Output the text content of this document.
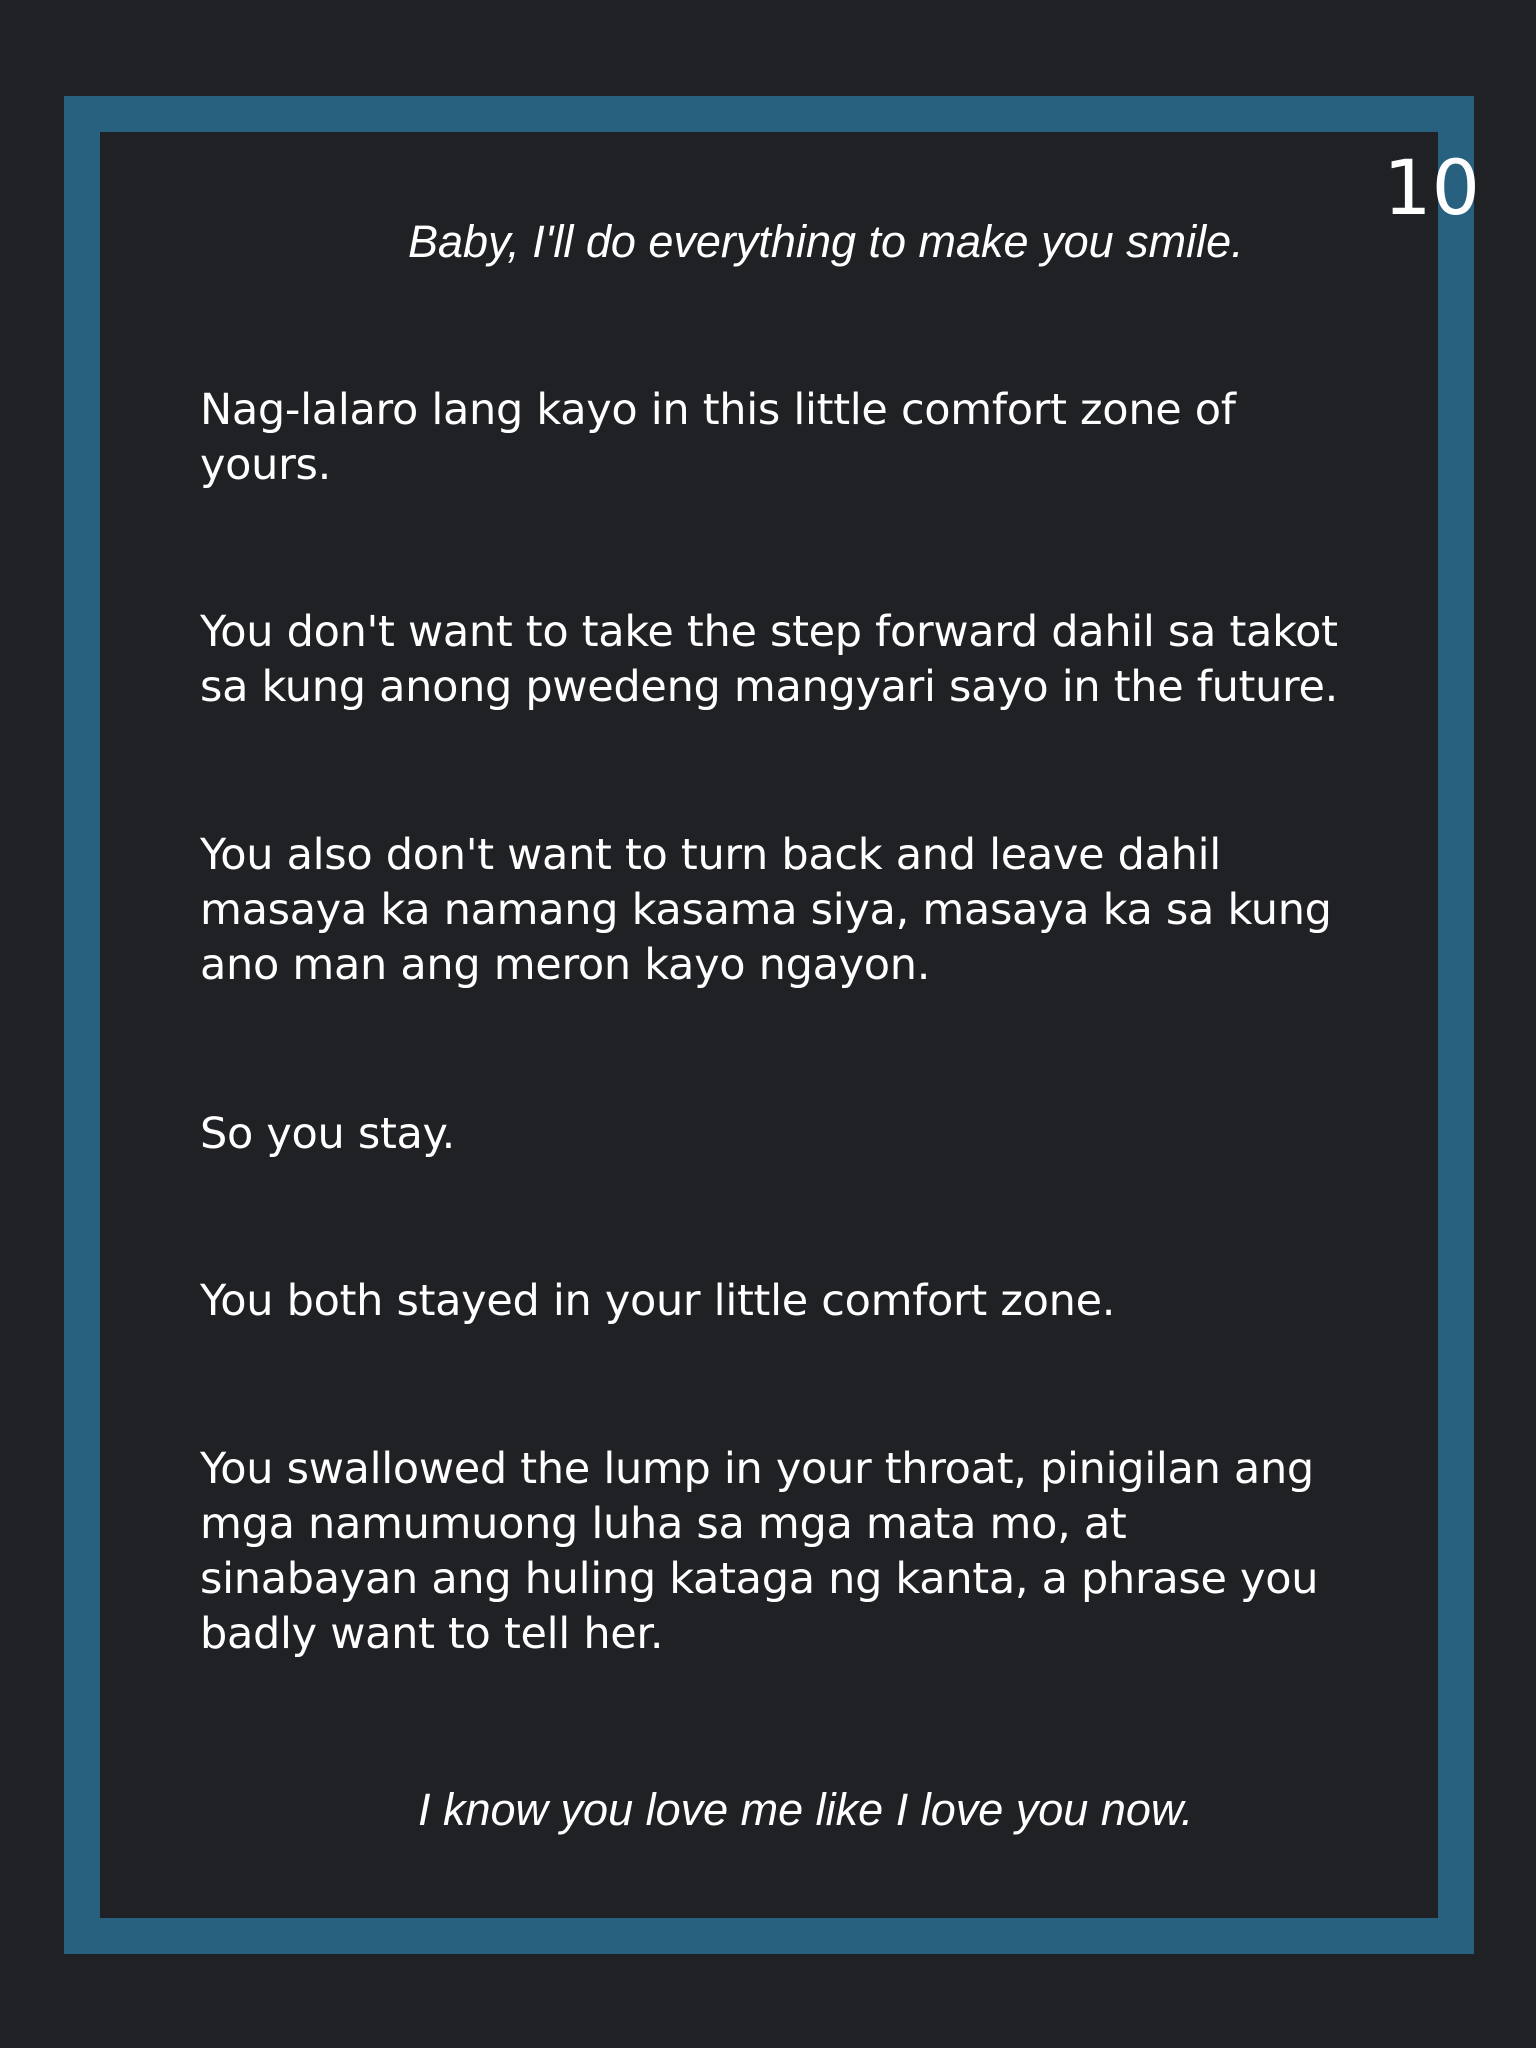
10
Baby, I'll do everything to make you smile.

Nag-lalaro lang kayo in this little comfort zone of yours.

You don't want to take the step forward dahil sa takot sa kung anong pwedeng mangyari sayo in the future.

You also don't want to turn back and leave dahil masaya ka namang kasama siya, masaya ka sa kung ano man ang meron kayo ngayon.

So you stay.

You both stayed in your little comfort zone.

You swallowed the lump in your throat, pinigilan ang mga namumuong luha sa mga mata mo, at sinabayan ang huling kataga ng kanta, a phrase you badly want to tell her.

I know you love me like I love you now.
